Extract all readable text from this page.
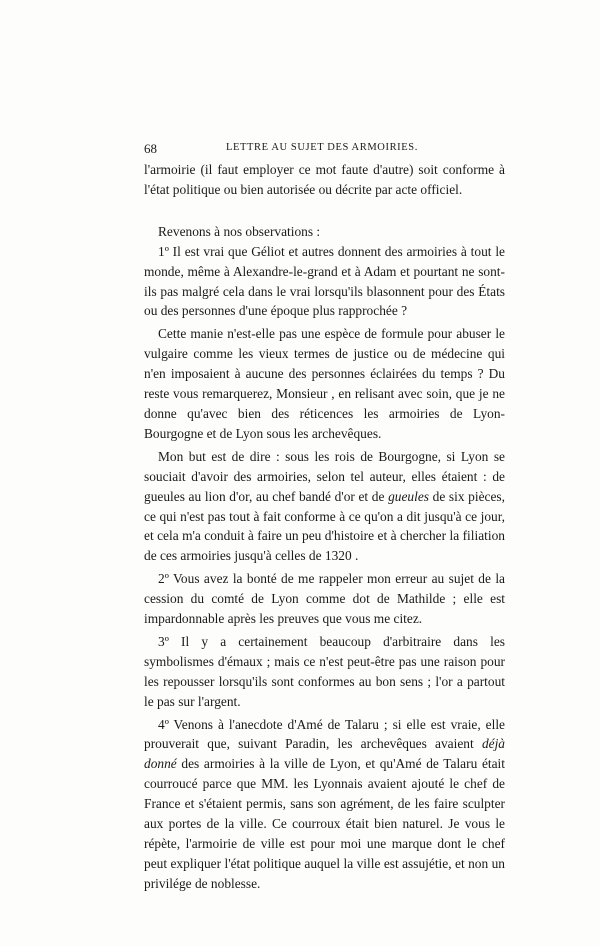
68	LETTRE AU SUJET DES ARMOIRIES.

l'armoirie (il faut employer ce mot faute d'autre) soit conforme à l'état politique ou bien autorisée ou décrite par acte officiel.

Revenons à nos observations :

1º Il est vrai que Géliot et autres donnent des armoiries à tout le monde, même à Alexandre-le-grand et à Adam et pourtant ne sont-ils pas malgré cela dans le vrai lorsqu'ils blasonnent pour des États ou des personnes d'une époque plus rapprochée ?

Cette manie n'est-elle pas une espèce de formule pour abuser le vulgaire comme les vieux termes de justice ou de médecine qui n'en imposaient à aucune des personnes éclairées du temps ? Du reste vous remarquerez, Monsieur , en relisant avec soin, que je ne donne qu'avec bien des réticences les armoiries de Lyon-Bourgogne et de Lyon sous les archevêques.

Mon but est de dire : sous les rois de Bourgogne, si Lyon se souciait d'avoir des armoiries, selon tel auteur, elles étaient : de gueules au lion d'or, au chef bandé d'or et de gueules de six pièces, ce qui n'est pas tout à fait conforme à ce qu'on a dit jusqu'à ce jour, et cela m'a conduit à faire un peu d'histoire et à chercher la filiation de ces armoiries jusqu'à celles de 1320 .

2º Vous avez la bonté de me rappeler mon erreur au sujet de la cession du comté de Lyon comme dot de Mathilde ; elle est impardonnable après les preuves que vous me citez.

3º Il y a certainement beaucoup d'arbitraire dans les symbolismes d'émaux ; mais ce n'est peut-être pas une raison pour les repousser lorsqu'ils sont conformes au bon sens ; l'or a partout le pas sur l'argent.

4º Venons à l'anecdote d'Amé de Talaru ; si elle est vraie, elle prouverait que, suivant Paradin, les archevêques avaient déjà donné des armoiries à la ville de Lyon, et qu'Amé de Talaru était courroucé parce que MM. les Lyonnais avaient ajouté le chef de France et s'étaient permis, sans son agrément, de les faire sculpter aux portes de la ville. Ce courroux était bien naturel. Je vous le répète, l'armoirie de ville est pour moi une marque dont le chef peut expliquer l'état politique auquel la ville est assujétie, et non un privilége de noblesse.
